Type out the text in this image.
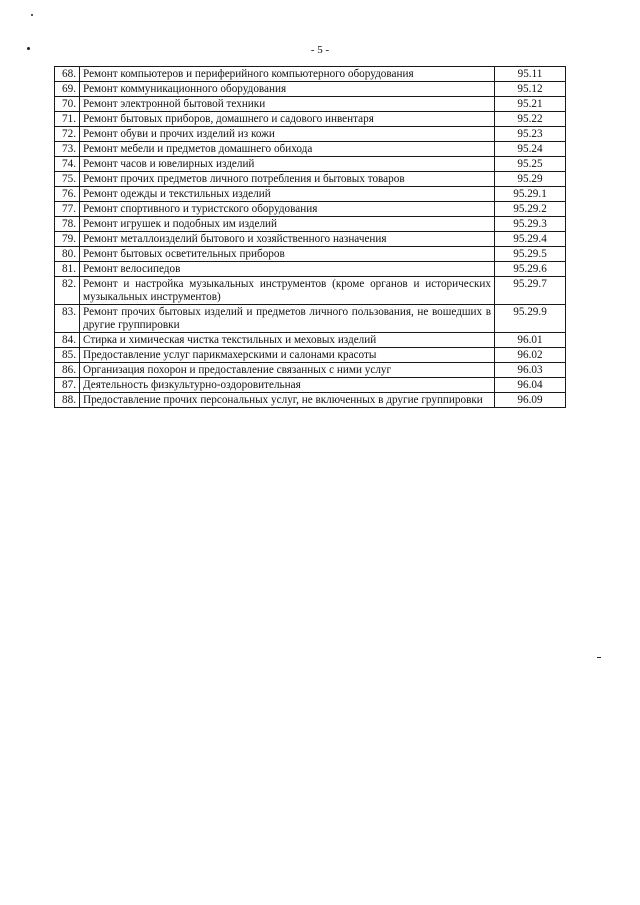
- 5 -
68.	Ремонт компьютеров и периферийного компьютерного оборудования	95.11
69.	Ремонт коммуникационного оборудования	95.12
70.	Ремонт электронной бытовой техники	95.21
71.	Ремонт бытовых приборов, домашнего и садового инвентаря	95.22
72.	Ремонт обуви и прочих изделий из кожи	95.23
73.	Ремонт мебели и предметов домашнего обихода	95.24
74.	Ремонт часов и ювелирных изделий	95.25
75.	Ремонт прочих предметов личного потребления и бытовых товаров	95.29
76.	Ремонт одежды и текстильных изделий	95.29.1
77.	Ремонт спортивного и туристского оборудования	95.29.2
78.	Ремонт игрушек и подобных им изделий	95.29.3
79.	Ремонт металлоизделий бытового и хозяйственного назначения	95.29.4
80.	Ремонт бытовых осветительных приборов	95.29.5
81.	Ремонт велосипедов	95.29.6
82.	Ремонт и настройка музыкальных инструментов (кроме органов и исторических музыкальных инструментов)	95.29.7
83.	Ремонт прочих бытовых изделий и предметов личного пользования, не вошедших в другие группировки	95.29.9
84.	Стирка и химическая чистка текстильных и меховых изделий	96.01
85.	Предоставление услуг парикмахерскими и салонами красоты	96.02
86.	Организация похорон и предоставление связанных с ними услуг	96.03
87.	Деятельность физкультурно-оздоровительная	96.04
88.	Предоставление прочих персональных услуг, не включенных в другие группировки	96.09
